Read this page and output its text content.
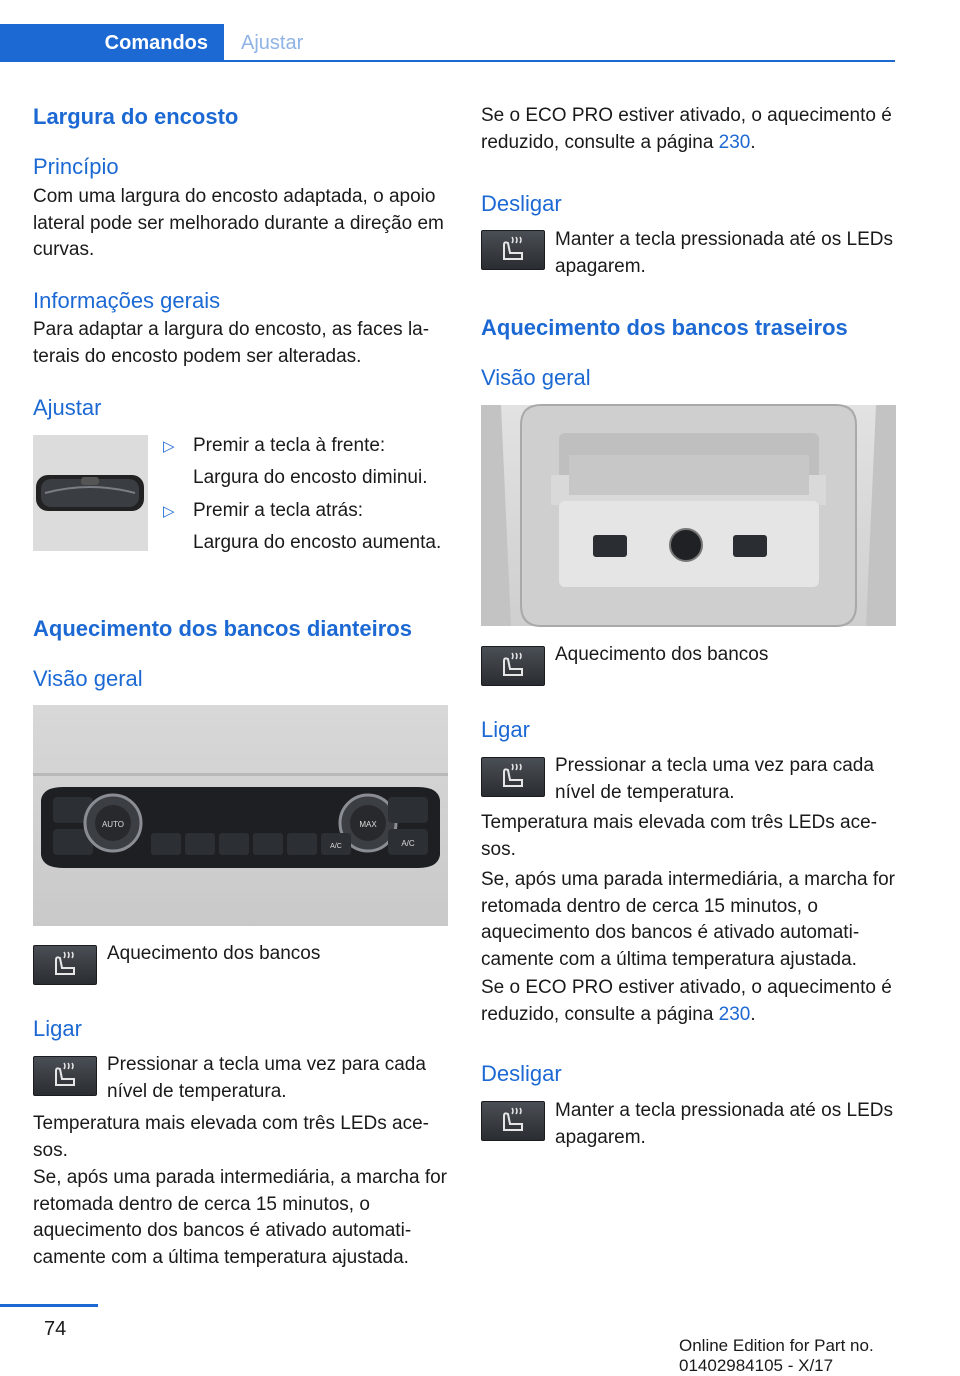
Comandos	Ajustar
Largura do encosto
Princípio
Com uma largura do encosto adaptada, o apoio lateral pode ser melhorado durante a direção em curvas.
Informações gerais
Para adaptar a largura do encosto, as faces laterais do encosto podem ser alteradas.
Ajustar
▷ Premir a tecla à frente:
Largura do encosto diminui.
▷ Premir a tecla atrás:
Largura do encosto aumenta.
Aquecimento dos bancos dianteiros
Visão geral
AUTO	MAX
A/C	A/C
Aquecimento dos bancos
Ligar
Pressionar a tecla uma vez para cada nível de temperatura.
Temperatura mais elevada com três LEDs acesos.
Se, após uma parada intermediária, a marcha for retomada dentro de cerca 15 minutos, o aquecimento dos bancos é ativado automaticamente com a última temperatura ajustada.
Se o ECO PRO estiver ativado, o aquecimento é reduzido, consulte a página 230.
Desligar
Manter a tecla pressionada até os LEDs apagarem.
Aquecimento dos bancos traseiros
Visão geral
Aquecimento dos bancos
Ligar
Pressionar a tecla uma vez para cada nível de temperatura.
Temperatura mais elevada com três LEDs acesos.
Se, após uma parada intermediária, a marcha for retomada dentro de cerca 15 minutos, o aquecimento dos bancos é ativado automaticamente com a última temperatura ajustada.
Se o ECO PRO estiver ativado, o aquecimento é reduzido, consulte a página 230.
Desligar
Manter a tecla pressionada até os LEDs apagarem.
74
Online Edition for Part no. 01402984105 - X/17
